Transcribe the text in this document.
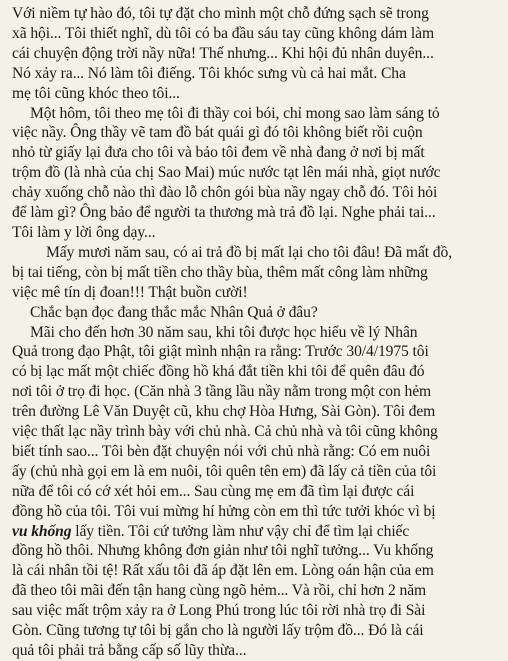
Với niềm tự hào đó, tôi tự đặt cho mình một chỗ đứng sạch sẽ trong
xã hội... Tôi thiết nghĩ, dù tôi có ba đầu sáu tay cũng không dám làm
cái chuyện động trời nầy nữa! Thế nhưng... Khi hội đủ nhân duyên...
Nó xảy ra... Nó làm tôi điếng. Tôi khóc sưng vù cả hai mắt. Cha
mẹ tôi cũng khóc theo tôi...
Một hôm, tôi theo mẹ tôi đi thầy coi bói, chỉ mong sao làm sáng tỏ
việc nầy. Ông thầy vẽ tam đồ bát quái gì đó tôi không biết rồi cuộn
nhỏ từ giấy lại đưa cho tôi và bảo tôi đem về nhà đang ở nơi bị mất
trộm đồ (là nhà của chị Sao Mai) múc nước tạt lên mái nhà, giọt nước
chảy xuống chỗ nào thì đào lỗ chôn gói bùa nầy ngay chỗ đó. Tôi hỏi
để làm gì? Ông bảo để người ta thương mà trả đồ lại. Nghe phải tai...
Tôi làm y lời ông dạy...
Mấy mươi năm sau, có ai trả đồ bị mất lại cho tôi đâu! Đã mất đồ,
bị tai tiếng, còn bị mất tiền cho thầy bùa, thêm mất công làm những
việc mê tín dị đoan!!! Thật buồn cười!
Chắc bạn đọc đang thắc mắc Nhân Quả ở đâu?
Mãi cho đến hơn 30 năm sau, khi tôi được học hiểu về lý Nhân
Quả trong đạo Phật, tôi giật mình nhận ra rằng: Trước 30/4/1975 tôi
có bị lạc mất một chiếc đồng hồ khá đắt tiền khi tôi để quên đâu đó
nơi tôi ở trọ đi học. (Căn nhà 3 tầng lầu nầy nằm trong một con hẻm
trên đường Lê Văn Duyệt cũ, khu chợ Hòa Hưng, Sài Gòn). Tôi đem
việc thất lạc nầy trình bày với chủ nhà. Cả chủ nhà và tôi cũng không
biết tính sao... Tôi bèn đặt chuyện nói với chủ nhà rằng: Có em nuôi
ấy (chủ nhà gọi em là em nuôi, tôi quên tên em) đã lấy cả tiền của tôi
nữa để tôi có cớ xét hỏi em... Sau cùng mẹ em đã tìm lại được cái
đồng hồ của tôi. Tôi vui mừng hí hửng còn em thì tức tưởi khóc vì bị
vu khống lấy tiền. Tôi cứ tưởng làm như vậy chỉ để tìm lại chiếc
đồng hồ thôi. Nhưng không đơn giản như tôi nghĩ tưởng... Vu khống
là cái nhân tồi tệ! Rất xấu tôi đã áp đặt lên em. Lòng oán hận của em
đã theo tôi mãi đến tận hang cùng ngõ hẻm... Và rồi, chỉ hơn 2 năm
sau việc mất trộm xảy ra ở Long Phú trong lúc tôi rời nhà trọ đi Sài
Gòn. Cũng tương tự tôi bị gắn cho là người lấy trộm đồ... Đó là cái
quả tôi phải trả bằng cấp số lũy thừa...
